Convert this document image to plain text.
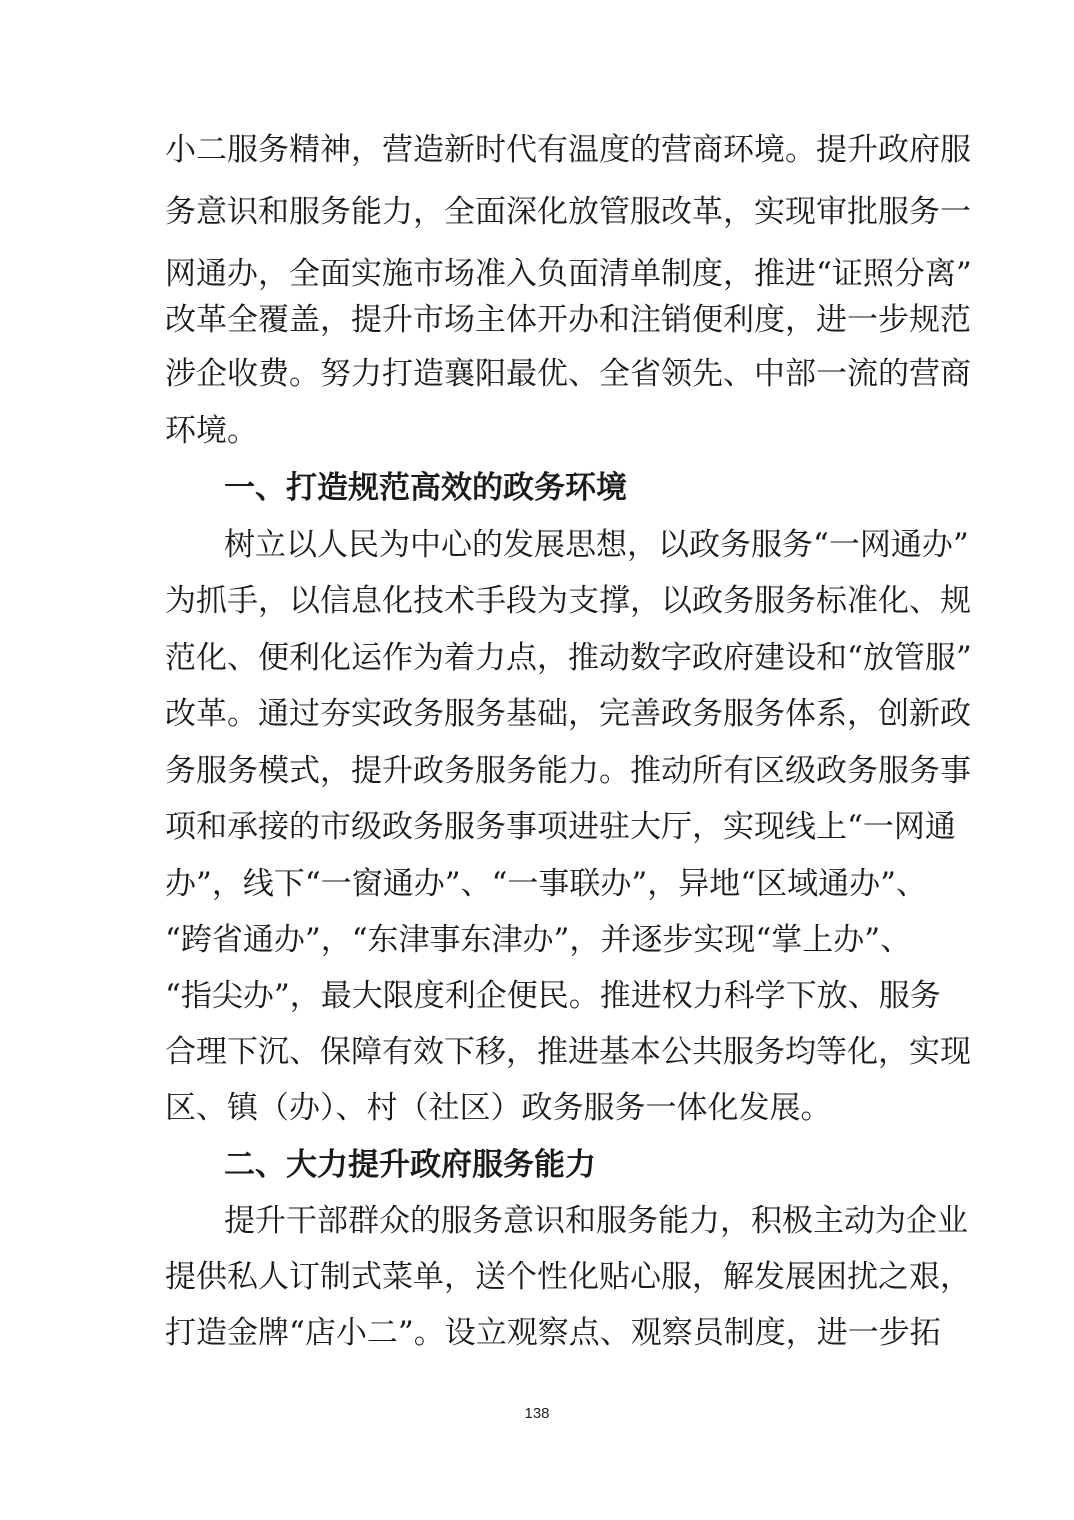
小二服务精神，营造新时代有温度的营商环境。提升政府服
务意识和服务能力，全面深化放管服改革，实现审批服务一
网通办，全面实施市场准入负面清单制度，推进“证照分离”
改革全覆盖，提升市场主体开办和注销便利度，进一步规范
涉企收费。努力打造襄阳最优、全省领先、中部一流的营商
环境。
一、打造规范高效的政务环境
树立以人民为中心的发展思想，以政务服务“一网通办”
为抓手，以信息化技术手段为支撑，以政务服务标准化、规
范化、便利化运作为着力点，推动数字政府建设和“放管服”
改革。通过夯实政务服务基础，完善政务服务体系，创新政
务服务模式，提升政务服务能力。推动所有区级政务服务事
项和承接的市级政务服务事项进驻大厅，实现线上“一网通
办”，线下“一窗通办”、“一事联办”，异地“区域通办”、
“跨省通办”，“东津事东津办”，并逐步实现“掌上办”、
“指尖办”，最大限度利企便民。推进权力科学下放、服务
合理下沉、保障有效下移，推进基本公共服务均等化，实现
区、镇（办）、村（社区）政务服务一体化发展。
二、大力提升政府服务能力
提升干部群众的服务意识和服务能力，积极主动为企业
提供私人订制式菜单，送个性化贴心服，解发展困扰之艰，
打造金牌“店小二”。设立观察点、观察员制度，进一步拓
138
